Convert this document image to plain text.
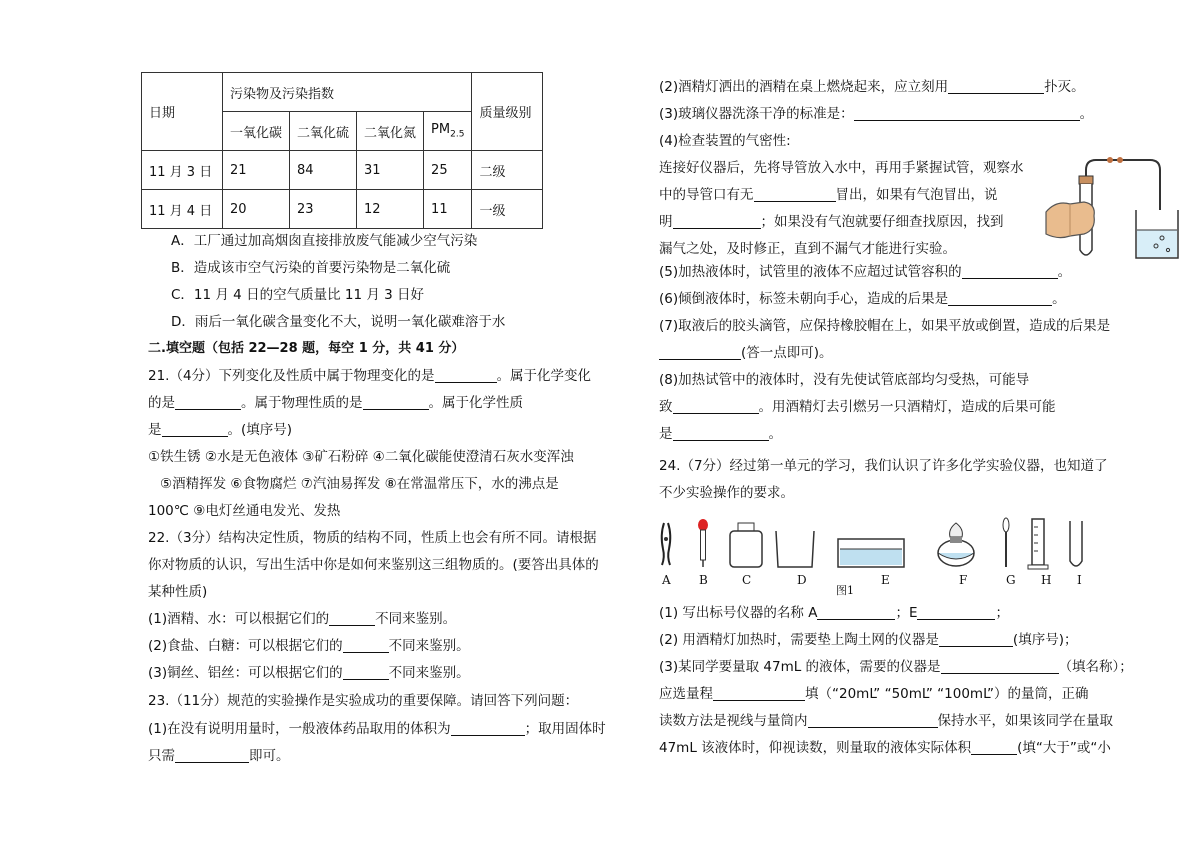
日期	污染物及污染指数				质量级别
	一氧化碳	二氧化硫	二氧化氮	$PM_{2.5}$
11 月 3 日	21	84	31	25	二级
11 月 4 日	20	23	12	11	一级
A．工厂通过加高烟囱直接排放废气能减少空气污染
B．造成该市空气污染的首要污染物是二氧化硫
C．11 月 4 日的空气质量比 11 月 3 日好
D．雨后一氧化碳含量变化不大，说明一氧化碳难溶于水
二.填空题（包括 22—28 题，每空 1 分，共 41 分）
21.（4分）下列变化及性质中属于物理变化的是	。属于化学变化
的是	。属于物理性质的是	。属于化学性质
是	。(填序号)
①铁生锈 ②水是无色液体 ③矿石粉碎 ④二氧化碳能使澄清石灰水变浑浊
⑤酒精挥发 ⑥食物腐烂 ⑦汽油易挥发 ⑧在常温常压下，水的沸点是
100℃ ⑨电灯丝通电发光、发热
22.（3分）结构决定性质，物质的结构不同，性质上也会有所不同。请根据
你对物质的认识，写出生活中你是如何来鉴别这三组物质的。(要答出具体的
某种性质)
(1)酒精、水：可以根据它们的	不同来鉴别。
(2)食盐、白糖：可以根据它们的	不同来鉴别。
(3)铜丝、铝丝：可以根据它们的	不同来鉴别。
23.（11分）规范的实验操作是实验成功的重要保障。请回答下列问题：
(1)在没有说明用量时，一般液体药品取用的体积为	；取用固体时
只需	即可。
(2)酒精灯洒出的酒精在桌上燃烧起来，应立刻用	扑灭。
(3)玻璃仪器洗涤干净的标准是：	。
(4)检查装置的气密性:
连接好仪器后，先将导管放入水中，再用手紧握试管，观察水
中的导管口有无	冒出，如果有气泡冒出，说
明	；如果没有气泡就要仔细查找原因，找到
漏气之处，及时修正，直到不漏气才能进行实验。
(5)加热液体时，试管里的液体不应超过试管容积的	。
(6)倾倒液体时，标签未朝向手心，造成的后果是	。
(7)取液后的胶头滴管，应保持橡胶帽在上，如果平放或倒置，造成的后果是
(答一点即可)。
(8)加热试管中的液体时，没有先使试管底部均匀受热，可能导
致	。用酒精灯去引燃另一只酒精灯，造成的后果可能
是	。
24.（7分）经过第一单元的学习，我们认识了许多化学实验仪器，也知道了
不少实验操作的要求。
A B	C	D	E	F	G H I
图1
(1) 写出标号仪器的名称 A	；E	；
(2) 用酒精灯加热时，需要垫上陶土网的仪器是	(填序号)；
(3)某同学要量取 47mL 的液体，需要的仪器是	（填名称）；
应选量程	填（“20mL” “50mL” “100mL”）的量筒，正确
读数方法是视线与量筒内	保持水平，如果该同学在量取
47mL 该液体时，仰视读数，则量取的液体实际体积	(填“大于”或“小
